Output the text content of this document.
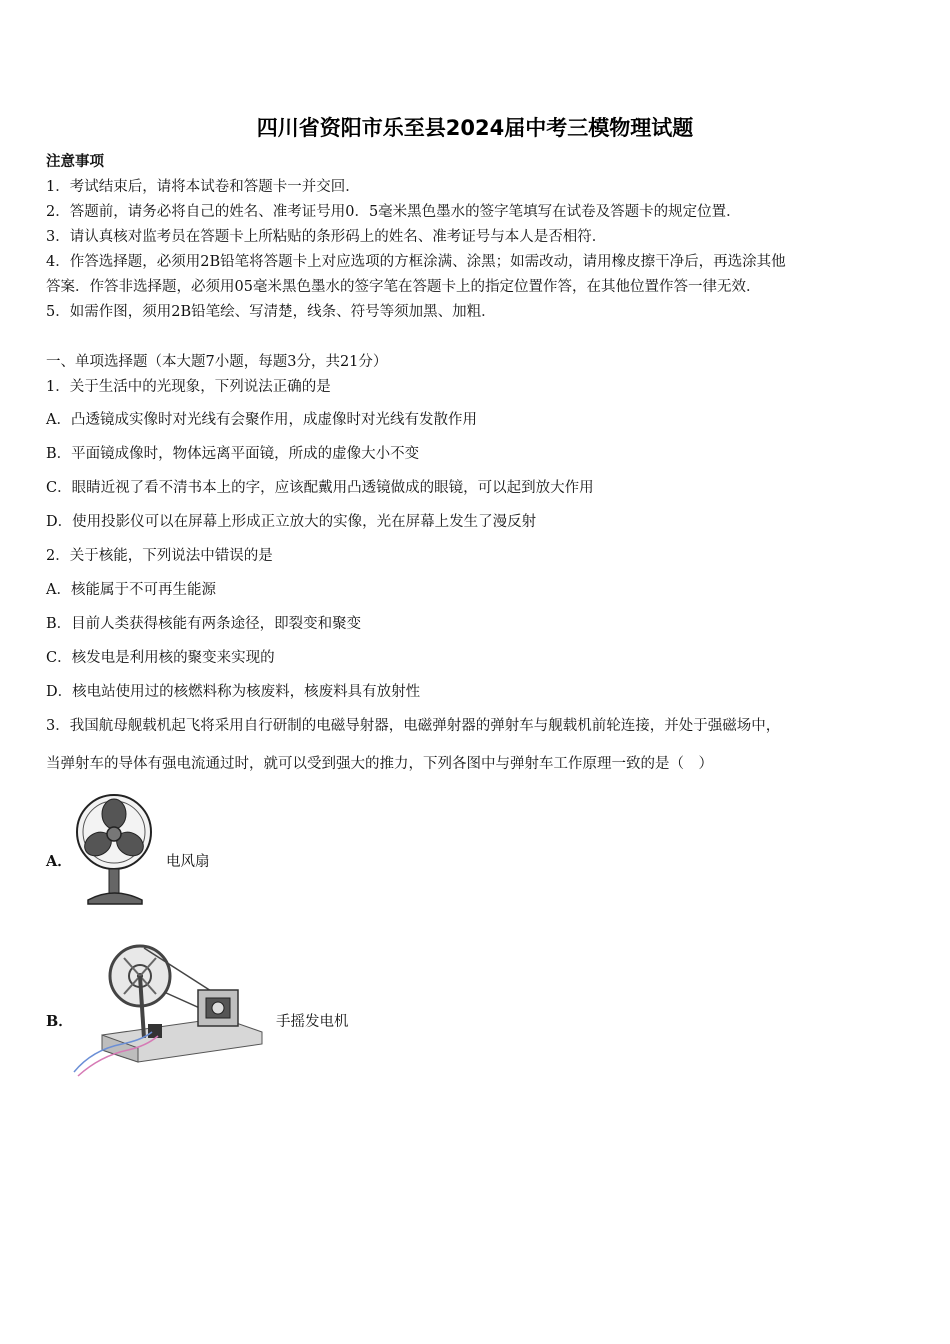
四川省资阳市乐至县2024届中考三模物理试题
注意事项
1．考试结束后，请将本试卷和答题卡一并交回．
2．答题前，请务必将自己的姓名、准考证号用0．5毫米黑色墨水的签字笔填写在试卷及答题卡的规定位置．
3．请认真核对监考员在答题卡上所粘贴的条形码上的姓名、准考证号与本人是否相符．
4．作答选择题，必须用2B铅笔将答题卡上对应选项的方框涂满、涂黑；如需改动，请用橡皮擦干净后，再选涂其他
答案．作答非选择题，必须用05毫米黑色墨水的签字笔在答题卡上的指定位置作答，在其他位置作答一律无效．
5．如需作图，须用2B铅笔绘、写清楚，线条、符号等须加黑、加粗．
一、单项选择题（本大题7小题，每题3分，共21分）
1．关于生活中的光现象，下列说法正确的是
A．凸透镜成实像时对光线有会聚作用，成虚像时对光线有发散作用
B．平面镜成像时，物体远离平面镜，所成的虚像大小不变
C．眼睛近视了看不清书本上的字，应该配戴用凸透镜做成的眼镜，可以起到放大作用
D．使用投影仪可以在屏幕上形成正立放大的实像，光在屏幕上发生了漫反射
2．关于核能，下列说法中错误的是
A．核能属于不可再生能源
B．目前人类获得核能有两条途径，即裂变和聚变
C．核发电是利用核的聚变来实现的
D．核电站使用过的核燃料称为核废料，核废料具有放射性
3．我国航母舰载机起飞将采用自行研制的电磁导射器，电磁弹射器的弹射车与舰载机前轮连接，并处于强磁场中，
当弹射车的导体有强电流通过时，就可以受到强大的推力，下列各图中与弹射车工作原理一致的是（　）
A．	电风扇
B．	手摇发电机
